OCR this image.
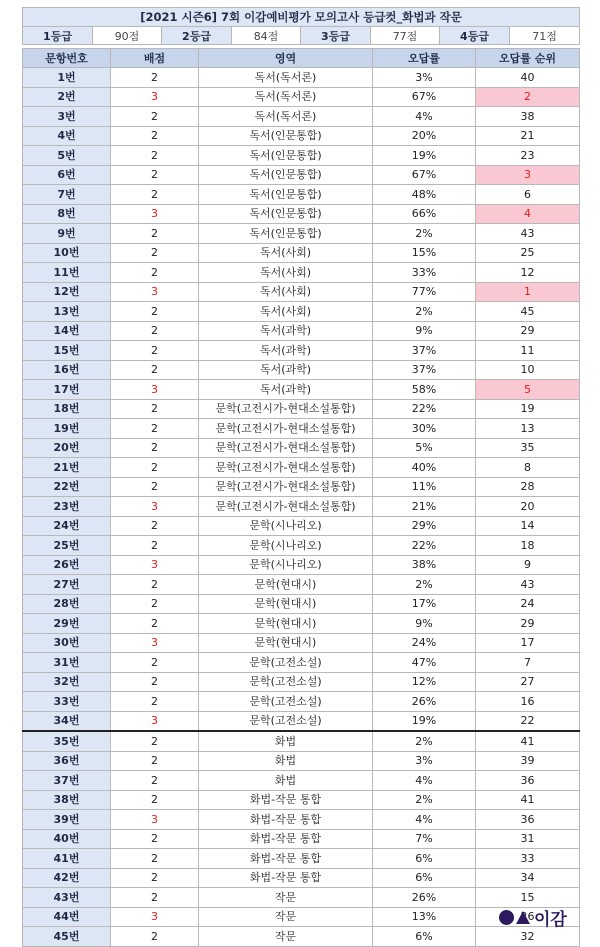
[2021 시즌6] 7회 이감예비평가 모의고사 등급컷_화법과 작문
1등급	90점	2등급	84점	3등급	77점	4등급	71점
문항번호	배점	영역	오답률	오답률 순위
1번	2	독서(독서론)	3%	40
2번	3	독서(독서론)	67%	2
3번	2	독서(독서론)	4%	38
4번	2	독서(인문통합)	20%	21
5번	2	독서(인문통합)	19%	23
6번	2	독서(인문통합)	67%	3
7번	2	독서(인문통합)	48%	6
8번	3	독서(인문통합)	66%	4
9번	2	독서(인문통합)	2%	43
10번	2	독서(사회)	15%	25
11번	2	독서(사회)	33%	12
12번	3	독서(사회)	77%	1
13번	2	독서(사회)	2%	45
14번	2	독서(과학)	9%	29
15번	2	독서(과학)	37%	11
16번	2	독서(과학)	37%	10
17번	3	독서(과학)	58%	5
18번	2	문학(고전시가-현대소설통합)	22%	19
19번	2	문학(고전시가-현대소설통합)	30%	13
20번	2	문학(고전시가-현대소설통합)	5%	35
21번	2	문학(고전시가-현대소설통합)	40%	8
22번	2	문학(고전시가-현대소설통합)	11%	28
23번	3	문학(고전시가-현대소설통합)	21%	20
24번	2	문학(시나리오)	29%	14
25번	2	문학(시나리오)	22%	18
26번	3	문학(시나리오)	38%	9
27번	2	문학(현대시)	2%	43
28번	2	문학(현대시)	17%	24
29번	2	문학(현대시)	9%	29
30번	3	문학(현대시)	24%	17
31번	2	문학(고전소설)	47%	7
32번	2	문학(고전소설)	12%	27
33번	2	문학(고전소설)	26%	16
34번	3	문학(고전소설)	19%	22
35번	2	화법	2%	41
36번	2	화법	3%	39
37번	2	화법	4%	36
38번	2	화법-작문 통합	2%	41
39번	3	화법-작문 통합	4%	36
40번	2	화법-작문 통합	7%	31
41번	2	화법-작문 통합	6%	33
42번	2	화법-작문 통합	6%	34
43번	2	작문	26%	15
44번	3	작문	13%	26
45번	2	작문	6%	32
이감
